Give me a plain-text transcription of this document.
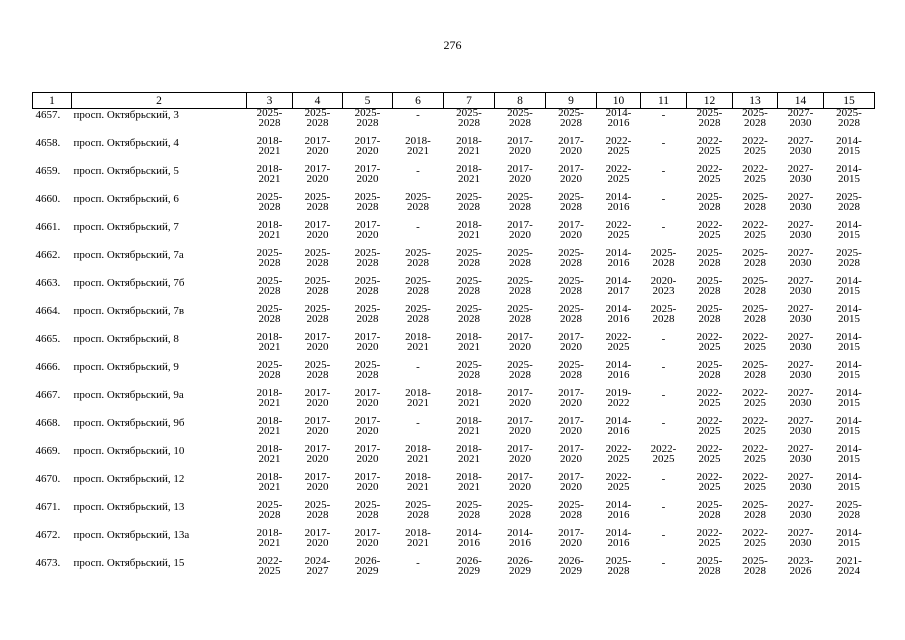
276
1	2	3	4	5	6	7	8	9	10	11	12	13	14	15
4657.	просп. Октябрьский, 3	2025-
2028	2025-
2028	2025-
2028	-	2025-
2028	2025-
2028	2025-
2028	2014-
2016	-	2025-
2028	2025-
2028	2027-
2030	2025-
2028

4658.	просп. Октябрьский, 4	2018-
2021	2017-
2020	2017-
2020	2018-
2021	2018-
2021	2017-
2020	2017-
2020	2022-
2025	-	2022-
2025	2022-
2025	2027-
2030	2014-
2015

4659.	просп. Октябрьский, 5	2018-
2021	2017-
2020	2017-
2020	-	2018-
2021	2017-
2020	2017-
2020	2022-
2025	-	2022-
2025	2022-
2025	2027-
2030	2014-
2015

4660.	просп. Октябрьский, 6	2025-
2028	2025-
2028	2025-
2028	2025-
2028	2025-
2028	2025-
2028	2025-
2028	2014-
2016	-	2025-
2028	2025-
2028	2027-
2030	2025-
2028

4661.	просп. Октябрьский, 7	2018-
2021	2017-
2020	2017-
2020	-	2018-
2021	2017-
2020	2017-
2020	2022-
2025	-	2022-
2025	2022-
2025	2027-
2030	2014-
2015

4662.	просп. Октябрьский, 7а	2025-
2028	2025-
2028	2025-
2028	2025-
2028	2025-
2028	2025-
2028	2025-
2028	2014-
2016	2025-
2028	2025-
2028	2025-
2028	2027-
2030	2025-
2028

4663.	просп. Октябрьский, 7б	2025-
2028	2025-
2028	2025-
2028	2025-
2028	2025-
2028	2025-
2028	2025-
2028	2014-
2017	2020-
2023	2025-
2028	2025-
2028	2027-
2030	2014-
2015

4664.	просп. Октябрьский, 7в	2025-
2028	2025-
2028	2025-
2028	2025-
2028	2025-
2028	2025-
2028	2025-
2028	2014-
2016	2025-
2028	2025-
2028	2025-
2028	2027-
2030	2014-
2015

4665.	просп. Октябрьский, 8	2018-
2021	2017-
2020	2017-
2020	2018-
2021	2018-
2021	2017-
2020	2017-
2020	2022-
2025	-	2022-
2025	2022-
2025	2027-
2030	2014-
2015

4666.	просп. Октябрьский, 9	2025-
2028	2025-
2028	2025-
2028	-	2025-
2028	2025-
2028	2025-
2028	2014-
2016	-	2025-
2028	2025-
2028	2027-
2030	2014-
2015

4667.	просп. Октябрьский, 9а	2018-
2021	2017-
2020	2017-
2020	2018-
2021	2018-
2021	2017-
2020	2017-
2020	2019-
2022	-	2022-
2025	2022-
2025	2027-
2030	2014-
2015

4668.	просп. Октябрьский, 9б	2018-
2021	2017-
2020	2017-
2020	-	2018-
2021	2017-
2020	2017-
2020	2014-
2016	-	2022-
2025	2022-
2025	2027-
2030	2014-
2015

4669.	просп. Октябрьский, 10	2018-
2021	2017-
2020	2017-
2020	2018-
2021	2018-
2021	2017-
2020	2017-
2020	2022-
2025	2022-
2025	2022-
2025	2022-
2025	2027-
2030	2014-
2015

4670.	просп. Октябрьский, 12	2018-
2021	2017-
2020	2017-
2020	2018-
2021	2018-
2021	2017-
2020	2017-
2020	2022-
2025	-	2022-
2025	2022-
2025	2027-
2030	2014-
2015

4671.	просп. Октябрьский, 13	2025-
2028	2025-
2028	2025-
2028	2025-
2028	2025-
2028	2025-
2028	2025-
2028	2014-
2016	-	2025-
2028	2025-
2028	2027-
2030	2025-
2028

4672.	просп. Октябрьский, 13а	2018-
2021	2017-
2020	2017-
2020	2018-
2021	2014-
2016	2014-
2016	2017-
2020	2014-
2016	-	2022-
2025	2022-
2025	2027-
2030	2014-
2015

4673.	просп. Октябрьский, 15	2022-
2025	2024-
2027	2026-
2029	-	2026-
2029	2026-
2029	2026-
2029	2025-
2028	-	2025-
2028	2025-
2028	2023-
2026	2021-
2024
